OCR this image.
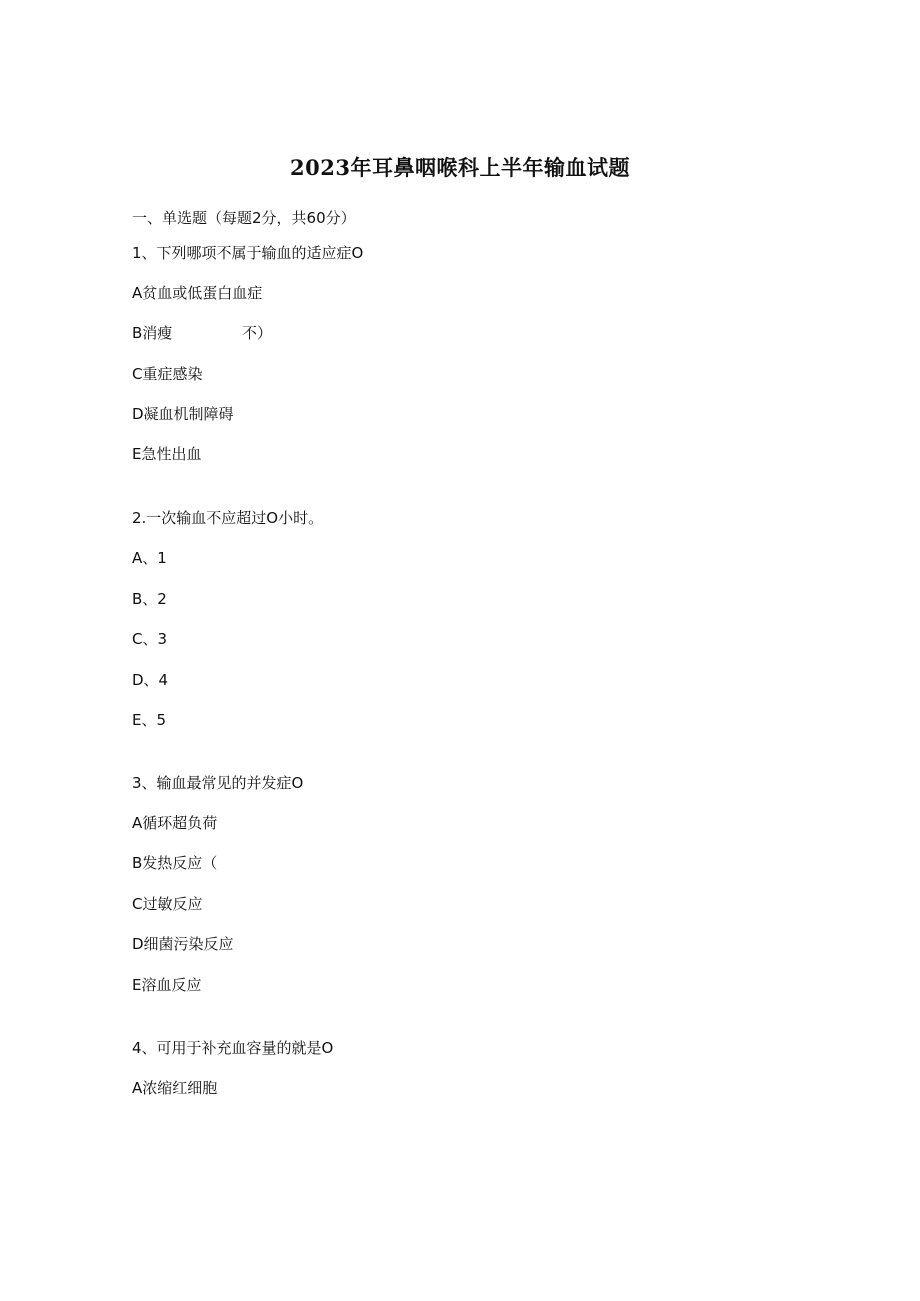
2023年耳鼻咽喉科上半年输血试题
一、单选题（每题2分，共60分）
1、下列哪项不属于输血的适应症O
A贫血或低蛋白血症
B消瘦	不）
C重症感染
D凝血机制障碍
E急性出血
2.一次输血不应超过O小时。
A、1
B、2
C、3
D、4
E、5
3、输血最常见的并发症O
A循环超负荷
B发热反应（
C过敏反应
D细菌污染反应
E溶血反应
4、可用于补充血容量的就是O
A浓缩红细胞
